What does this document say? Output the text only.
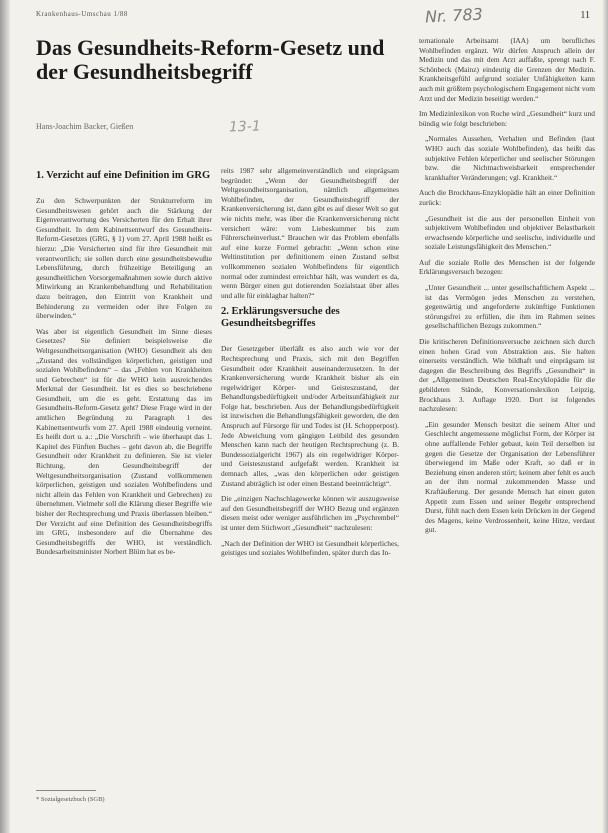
Krankenhaus-Umschau 1/88	11
Nr. 783
13-1
Das Gesundheits-Reform-Gesetz und der Gesundheitsbegriff
Hans-Joachim Backer, Gießen
1. Verzicht auf eine Definition im GRG

Zu den Schwerpunkten der Strukturreform im Gesundheitswesen gehört auch die Stärkung der Eigenverantwortung des Versicherten für den Erhalt ihrer Gesundheit. In dem Kabinettsentwurf des Gesundheits-Reform-Gesetzes (GRG, § 1) vom 27. April 1988 heißt es hierzu: „Die Versicherten sind für ihre Gesundheit mit verantwortlich; sie sollen durch eine gesundheitsbewußte Lebensführung, durch frühzeitige Beteiligung an gesundheitlichen Vorsorgemaßnahmen sowie durch aktive Mitwirkung an Krankenbehandlung und Rehabilitation dazu beitragen, den Eintritt von Krankheit und Behinderung zu vermeiden oder ihre Folgen zu überwinden.“

Was aber ist eigentlich Gesundheit im Sinne dieses Gesetzes? Sie definiert beispielsweise die Weltgesundheitsorganisation (WHO) Gesundheit als den „Zustand des vollständigen körperlichen, geistigen und sozialen Wohlbefindens“ – das „Fehlen von Krankheiten und Gebrechen“ ist für die WHO kein ausreichendes Merkmal der Gesundheit. Ist es dies so beschriebene Gesundheit, um die es geht. Erstattung das im Gesundheits-Reform-Gesetz geht? Diese Frage wird in der amtlichen Begründung zu Paragraph 1 des Kabinettsentwurfs vom 27. April 1988 eindeutig verneint. Es heißt dort u. a.: „Die Vorschrift – wie überhaupt das 1. Kapitel des Fünften Buches – geht davon ab, die Begriffe Gesundheit oder Krankheit zu definieren. Sie ist vieler Richtung, den Gesundheitsbegriff der Weltgesundheitsorganisation (Zustand vollkommenen körperlichen, geistigen und sozialen Wohlbefindens und nicht allein das Fehlen von Krankheit und Gebrechen) zu übernehmen. Vielmehr soll die Klärung dieser Begriffe wie bisher der Rechtsprechung und Praxis überlassen bleiben.“ Der Verzicht auf eine Definition des Gesundheitsbegriffs im GRG, insbesondere auf die Übernahme des Gesundheitsbegriffs der WHO, ist verständlich. Bundesarbeitsminister Norbert Blüm hat es be-

reits 1987 sehr allgemeinverständlich und einprägsam begründet: „Wenn der Gesundheitsbegriff der Weltgesundheitsorganisation, nämlich allgemeines Wohlbefinden, der Gesundheitsbegriff der Krankenversicherung ist, dann gibt es auf dieser Welt so gut wie nichts mehr, was über die Krankenversicherung nicht versichert wäre: vom Liebeskummer bis zum Führerscheinverlust.“ Brauchen wir das Problem ebenfalls auf eine kurze Formel gebracht: „Wenn schon eine Weltinstitution per definitionem einen Zustand selbst vollkommenen sozialen Wohlbefindens für eigentlich normal oder zumindest erreichbar hält, was wundert es da, wenn Bürger einen gut dotierenden Sozialstaat über alles und alle für einklagbar halten?“

2. Erklärungsversuche des Gesundheitsbegriffes

Der Gesetzgeber überläßt es also auch wie vor der Rechtsprechung und Praxis, sich mit den Begriffen Gesundheit oder Krankheit auseinanderzusetzen. In der Krankenversicherung wurde Krankheit bisher als ein regelwidriger Körper- und Geisteszustand, der Behandlungsbedürftigkeit und/oder Arbeitsunfähigkeit zur Folge hat, beschrieben. Aus der Behandlungsbedürftigkeit ist inzwischen die Behandlungsfähigkeit geworden, die den Anspruch auf Fürsorge für und Todes ist (H. Schopperpost). Jede Abweichung vom gängigen Leitbild des gesunden Menschen kann nach der heutigen Rechtsprechung (z. B. Bundessozialgericht 1967) als ein regelwidriger Körper- und Geisteszustand aufgefaßt werden. Krankheit ist demnach alles, „was den körperlichen oder geistigen Zustand abträglich ist oder einen Bestand beeinträchtigt“.

Die „einzigen Nachschlagewerke können wir auszugsweise auf den Gesundheitsbegriff der WHO Bezug und ergänzen diesen meist oder weniger ausführlichen im „Psychrembel“ ist unter dem Stichwort „Gesundheit“ nachzulesen:

„Nach der Definition der WHO ist Gesundheit körperliches, geistiges und soziales Wohlbefinden, später durch das In-

ternationale Arbeitsamt (IAA) um berufliches Wohlbefinden ergänzt. Wir dürfen Anspruch allein der Medizin und das mit dem Arzt auffaßte, sprengt nach F. Schönbeck (Mainz) eindeutig die Grenzen der Medizin. Krankheitsgefühl aufgrund sozialer Unfähigkeiten kann auch mit größtem psychologischem Engagement nicht vom Arzt und der Medizin beseitigt werden.“

Im Medizinlexikon von Roche wird „Gesundheit“ kurz und bündig wie folgt beschrieben:

„Normales Aussehen, Verhalten und Befinden (laut WHO auch das soziale Wohlbefinden), das heißt das subjektive Fehlen körperlicher und seelischer Störungen bzw. die Nichtnachweisbarkeit entsprechender krankhafter Veränderungen; vgl. Krankheit.“

Auch die Brockhaus-Enzyklopädie hält an einer Definition zurück:

„Gesundheit ist die aus der personellen Einheit von subjektivem Wohlbefinden und objektiver Belastbarkeit erwachsende körperliche und seelische, individuelle und soziale Leistungsfähigkeit des Menschen.“

Auf die soziale Rolle des Menschen ist der folgende Erklärungsversuch bezogen:

„Unter Gesundheit ... unter gesellschaftlichem Aspekt ... ist das Vermögen jedes Menschen zu verstehen, gegenwärtig und angeforderte zukünftige Funktionen störungsfrei zu erfüllen, die ihm im Rahmen seines gesellschaftlichen Bezugs zukommen.“

Die kritischeren Definitionsversuche zeichnen sich durch einen hohen Grad von Abstraktion aus. Sie halten einerseits verständlich. Wie bildhaft und einprägsam ist dagegen die Beschreibung des Begriffs „Gesundheit“ in der „Allgemeinen Deutschen Real-Encyklopädie für die gebildeten Stände, Konversationslexikon Leipzig, Brockhaus 3. Auflage 1920. Dort ist folgendes nachzulesen:

„Ein gesunder Mensch besitzt die seinem Alter und Geschlecht angemessene möglichst Form, der Körper ist ohne auffallende Fehler gebaut, kein Teil derselben ist gegen die Gesetze der Organisation der Lebensführer überwiegend im Maße oder Kraft, so daß er in Beziehung einen anderen stört; keinem aber fehlt es auch an der ihm normal zukommenden Masse und Kraftäußerung. Der gesunde Mensch hat einen guten Appetit zum Essen und seiner Begehr entsprechend Durst, fühlt nach dem Essen kein Drücken in der Gegend des Magens, keine Verdrossenheit, keine Hitze, verdaut gut.

* Sozialgesetzbuch (SGB)
